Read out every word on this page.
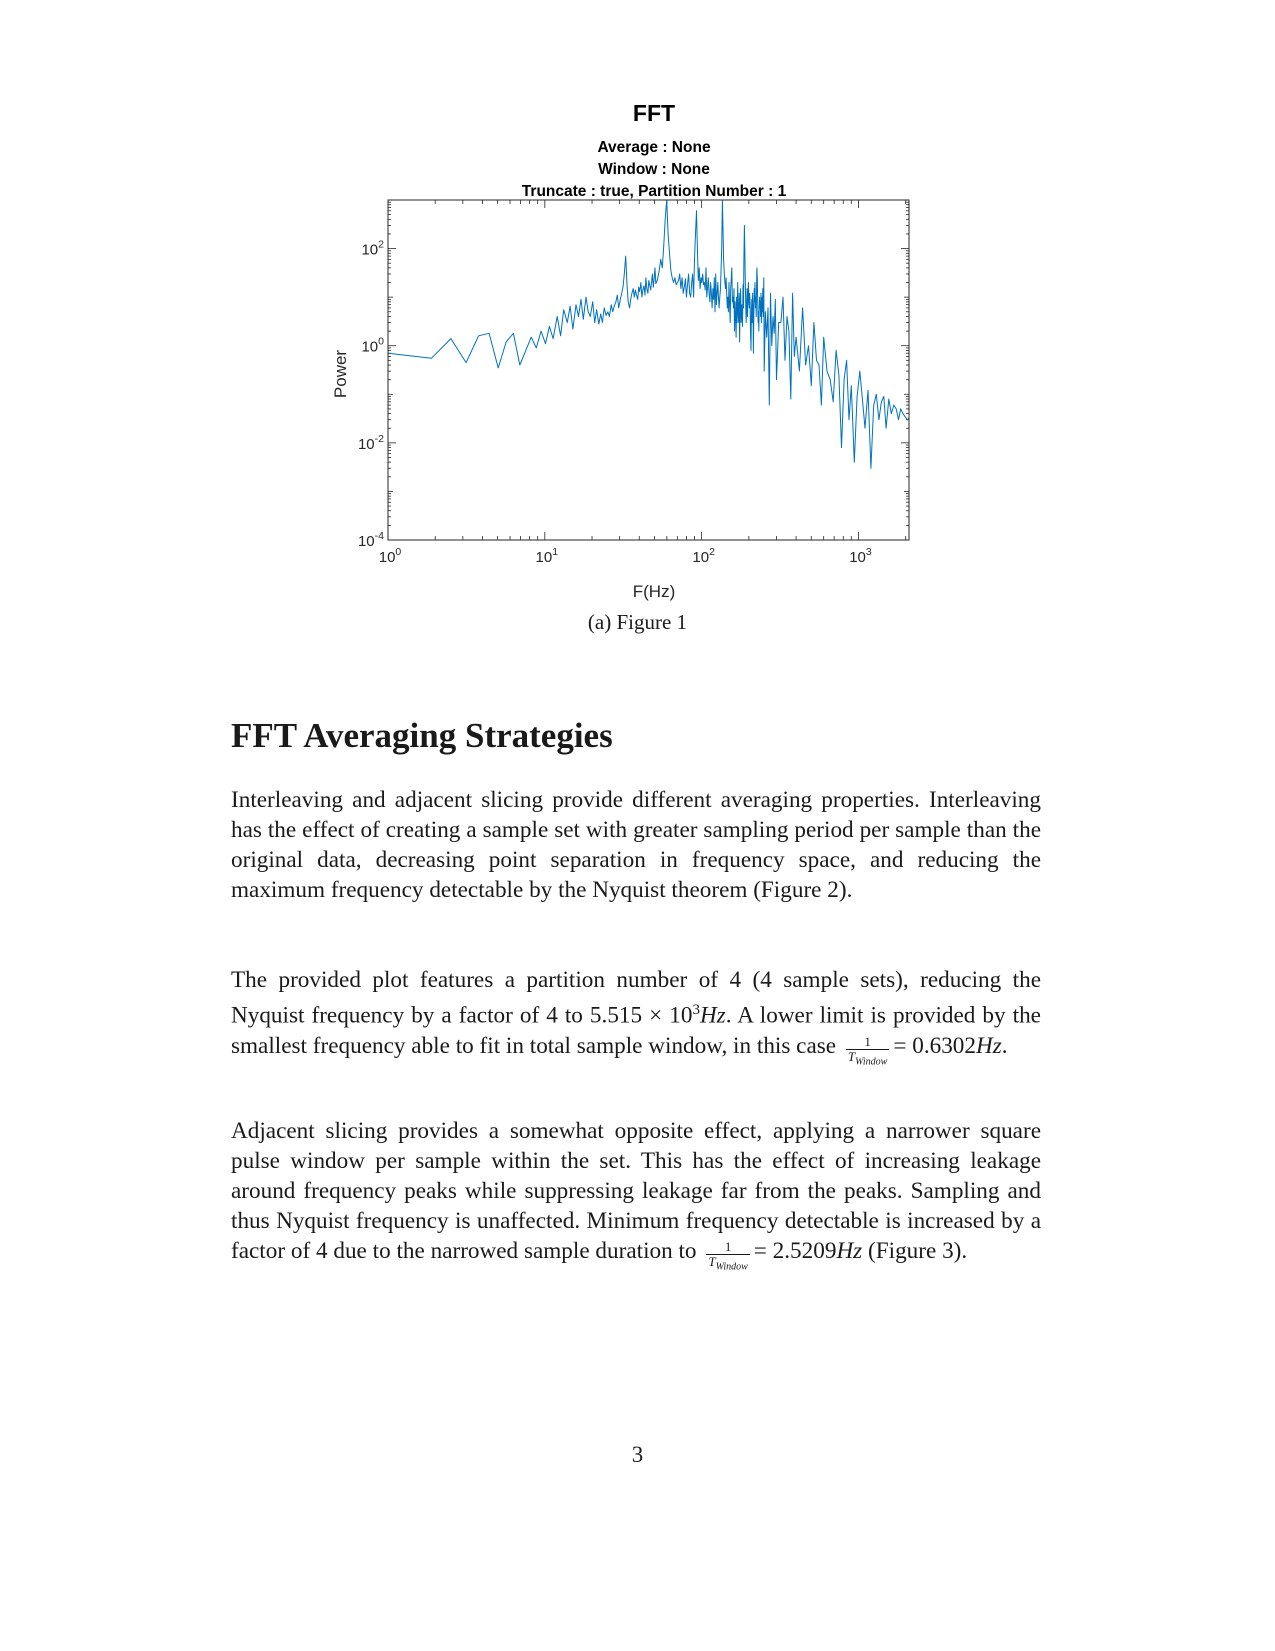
FFT
Average : None
Window : None
Truncate : true, Partition Number : 1
$10^0$	$10^1$	$10^2$	$10^3$
$10^{-4}$
$10^{-2}$
$10^0$
$10^2$
F(Hz)
Power
(a) Figure 1
FFT Averaging Strategies

Interleaving and adjacent slicing provide different averaging properties. Interleaving has the effect of creating a sample set with greater sampling period per sample than the original data, decreasing point separation in frequency space, and reducing the maximum frequency detectable by the Nyquist theorem (Figure 2).

The provided plot features a partition number of 4 (4 sample sets), reducing the Nyquist frequency by a factor of 4 to $5.515 \times 10^3Hz$. A lower limit is provided by the smallest frequency able to fit in total sample window, in this case $\frac{1}{T_{Window}} = 0.6302Hz$.

Adjacent slicing provides a somewhat opposite effect, applying a narrower square pulse window per sample within the set. This has the effect of increasing leakage around frequency peaks while suppressing leakage far from the peaks. Sampling and thus Nyquist frequency is unaffected. Minimum frequency detectable is increased by a factor of 4 due to the narrowed sample duration to $\frac{1}{T_{Window}} = 2.5209Hz$ (Figure 3).

3
